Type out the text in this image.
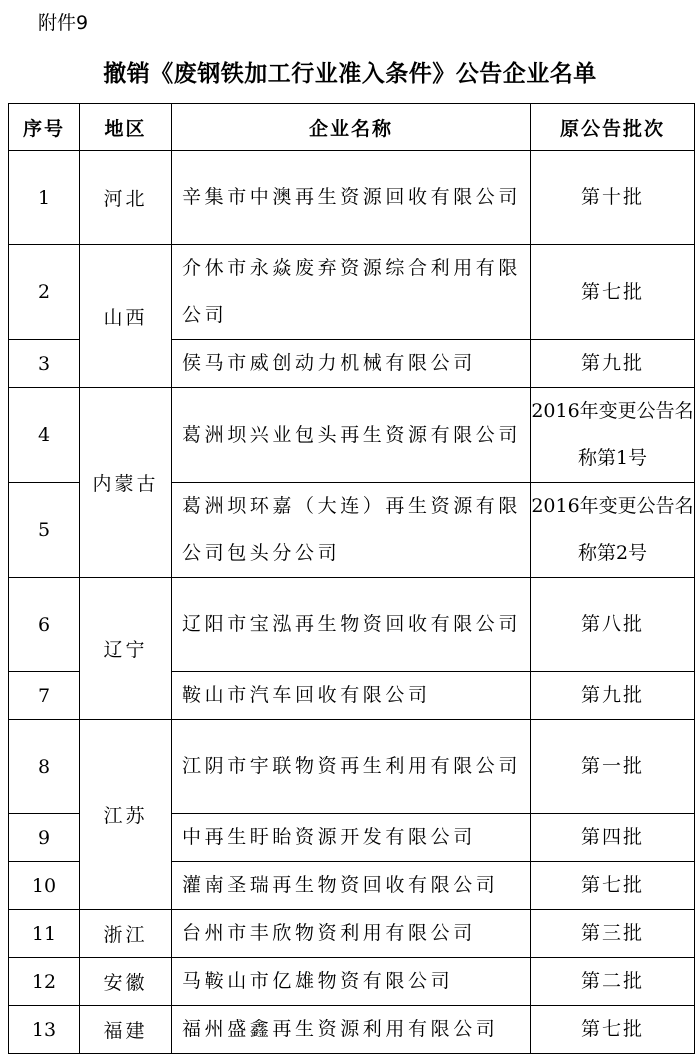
附件9
撤销《废钢铁加工行业准入条件》公告企业名单
序号	地区	企业名称	原公告批次
1	河北	辛集市中澳再生资源回收有限公司	第十批
2	山西	介休市永焱废弃资源综合利用有限公司	第七批
3		侯马市威创动力机械有限公司	第九批
4	内蒙古	葛洲坝兴业包头再生资源有限公司	2016年变更公告名称第1号
5		葛洲坝环嘉（大连）再生资源有限公司包头分公司	2016年变更公告名称第2号
6	辽宁	辽阳市宝泓再生物资回收有限公司	第八批
7		鞍山市汽车回收有限公司	第九批
8	江苏	江阴市宇联物资再生利用有限公司	第一批
9		中再生盱眙资源开发有限公司	第四批
10		灌南圣瑞再生物资回收有限公司	第七批
11	浙江	台州市丰欣物资利用有限公司	第三批
12	安徽	马鞍山市亿雄物资有限公司	第二批
13	福建	福州盛鑫再生资源利用有限公司	第七批
